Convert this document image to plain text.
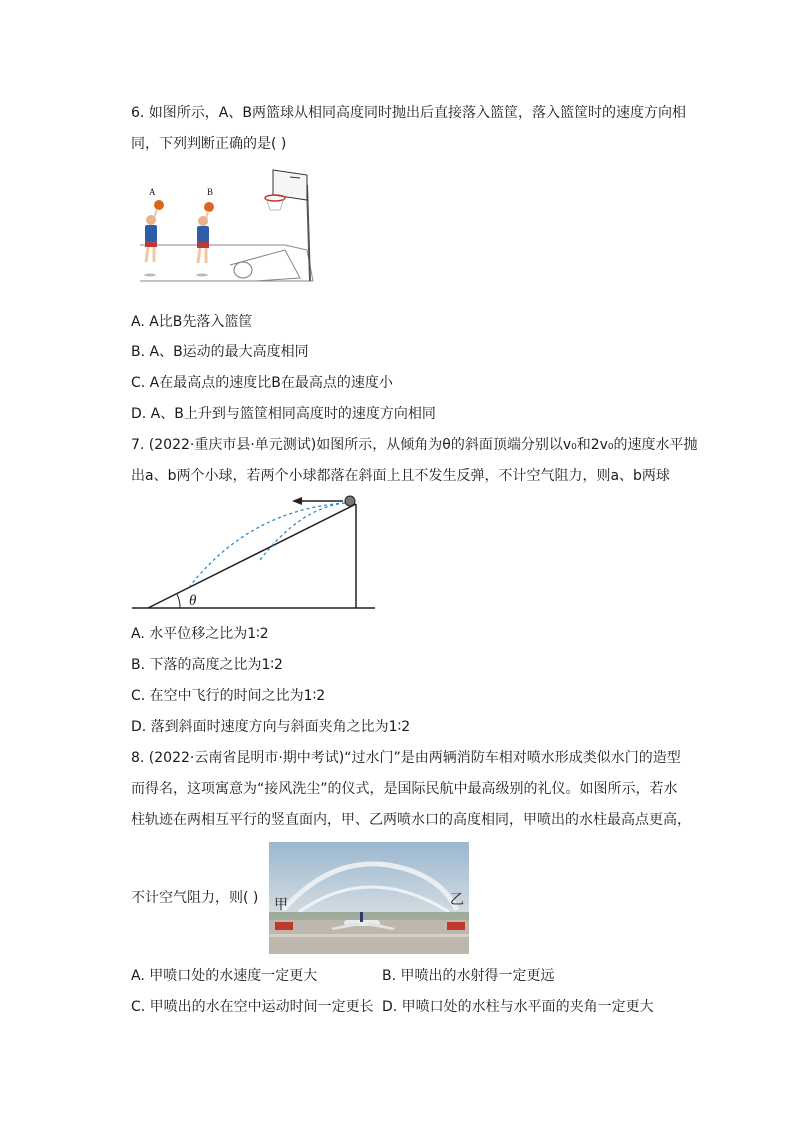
6. 如图所示，A、B两篮球从相同高度同时抛出后直接落入篮筐，落入篮筐时的速度方向相
同，下列判断正确的是( )
A	B
A. A比B先落入篮筐
B. A、B运动的最大高度相同
C. A在最高点的速度比B在最高点的速度小
D. A、B上升到与篮筐相同高度时的速度方向相同
7. (2022·重庆市县·单元测试)如图所示，从倾角为θ的斜面顶端分别以v₀和2v₀的速度水平抛
出a、b两个小球，若两个小球都落在斜面上且不发生反弹，不计空气阻力，则a、b两球
θ
A. 水平位移之比为1∶2
B. 下落的高度之比为1∶2
C. 在空中飞行的时间之比为1∶2
D. 落到斜面时速度方向与斜面夹角之比为1∶2
8. (2022·云南省昆明市·期中考试)“过水门”是由两辆消防车相对喷水形成类似水门的造型
而得名，这项寓意为“接风洗尘”的仪式，是国际民航中最高级别的礼仪。如图所示，若水
柱轨迹在两相互平行的竖直面内，甲、乙两喷水口的高度相同，甲喷出的水柱最高点更高，
不计空气阻力，则( ) 甲	乙
A. 甲喷口处的水速度一定更大	B. 甲喷出的水射得一定更远
C. 甲喷出的水在空中运动时间一定更长 D. 甲喷口处的水柱与水平面的夹角一定更大
